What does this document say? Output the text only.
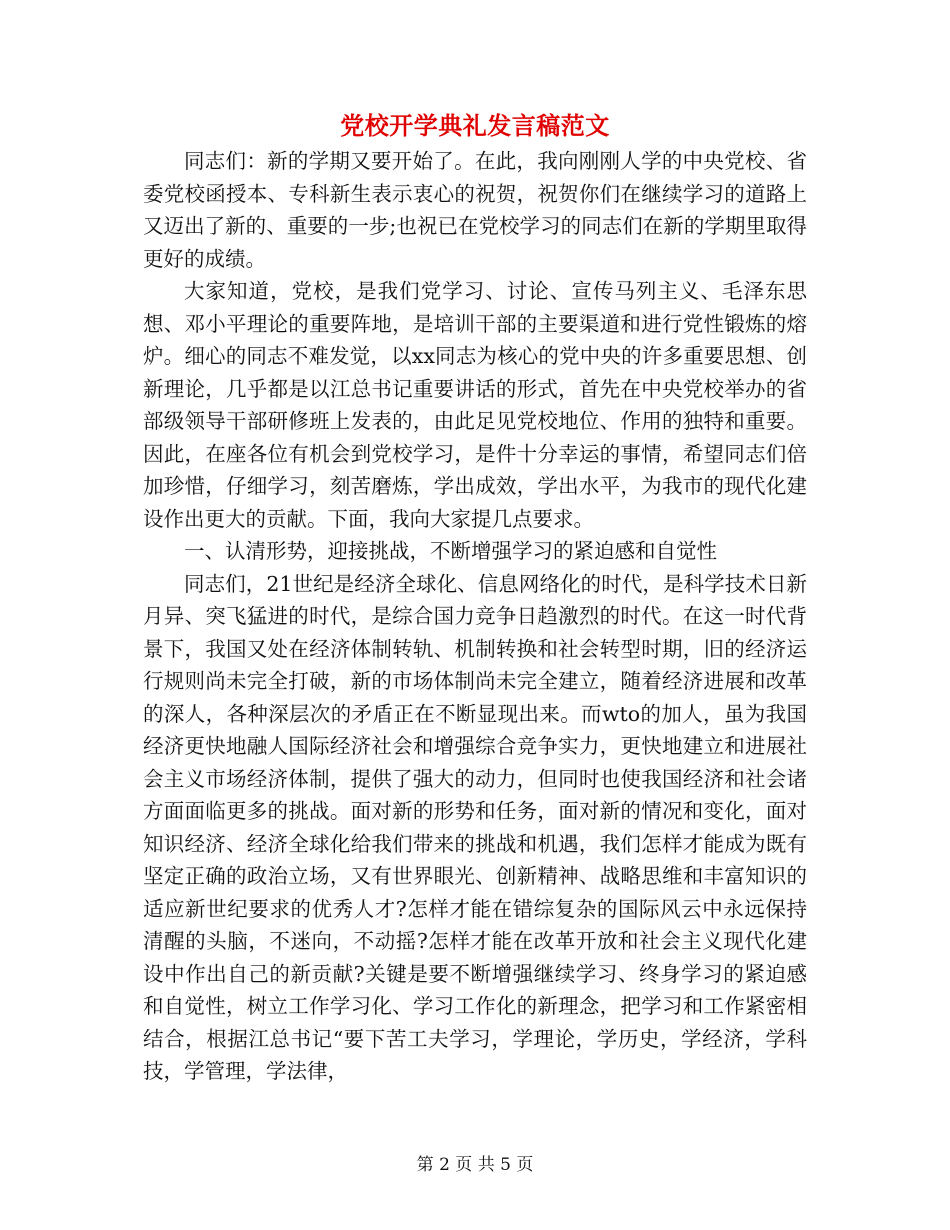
党校开学典礼发言稿范文

同志们：新的学期又要开始了。在此，我向刚刚人学的中央党校、省委党校函授本、专科新生表示衷心的祝贺，祝贺你们在继续学习的道路上又迈出了新的、重要的一步;也祝已在党校学习的同志们在新的学期里取得更好的成绩。

大家知道，党校，是我们党学习、讨论、宣传马列主义、毛泽东思想、邓小平理论的重要阵地，是培训干部的主要渠道和进行党性锻炼的熔炉。细心的同志不难发觉，以xx同志为核心的党中央的许多重要思想、创新理论，几乎都是以江总书记重要讲话的形式，首先在中央党校举办的省部级领导干部研修班上发表的，由此足见党校地位、作用的独特和重要。因此，在座各位有机会到党校学习，是件十分幸运的事情，希望同志们倍加珍惜，仔细学习，刻苦磨炼，学出成效，学出水平，为我市的现代化建设作出更大的贡献。下面，我向大家提几点要求。

一、认清形势，迎接挑战，不断增强学习的紧迫感和自觉性

同志们，21世纪是经济全球化、信息网络化的时代，是科学技术日新月异、突飞猛进的时代，是综合国力竞争日趋激烈的时代。在这一时代背景下，我国又处在经济体制转轨、机制转换和社会转型时期，旧的经济运行规则尚未完全打破，新的市场体制尚未完全建立，随着经济进展和改革的深人，各种深层次的矛盾正在不断显现出来。而wto的加人，虽为我国经济更快地融人国际经济社会和增强综合竞争实力，更快地建立和进展社会主义市场经济体制，提供了强大的动力，但同时也使我国经济和社会诸方面面临更多的挑战。面对新的形势和任务，面对新的情况和变化，面对知识经济、经济全球化给我们带来的挑战和机遇，我们怎样才能成为既有坚定正确的政治立场，又有世界眼光、创新精神、战略思维和丰富知识的适应新世纪要求的优秀人才?怎样才能在错综复杂的国际风云中永远保持清醒的头脑，不迷向，不动摇?怎样才能在改革开放和社会主义现代化建设中作出自己的新贡献?关键是要不断增强继续学习、终身学习的紧迫感和自觉性，树立工作学习化、学习工作化的新理念，把学习和工作紧密相结合，根据江总书记“要下苦工夫学习，学理论，学历史，学经济，学科技，学管理，学法律，

第 2 页 共 5 页
